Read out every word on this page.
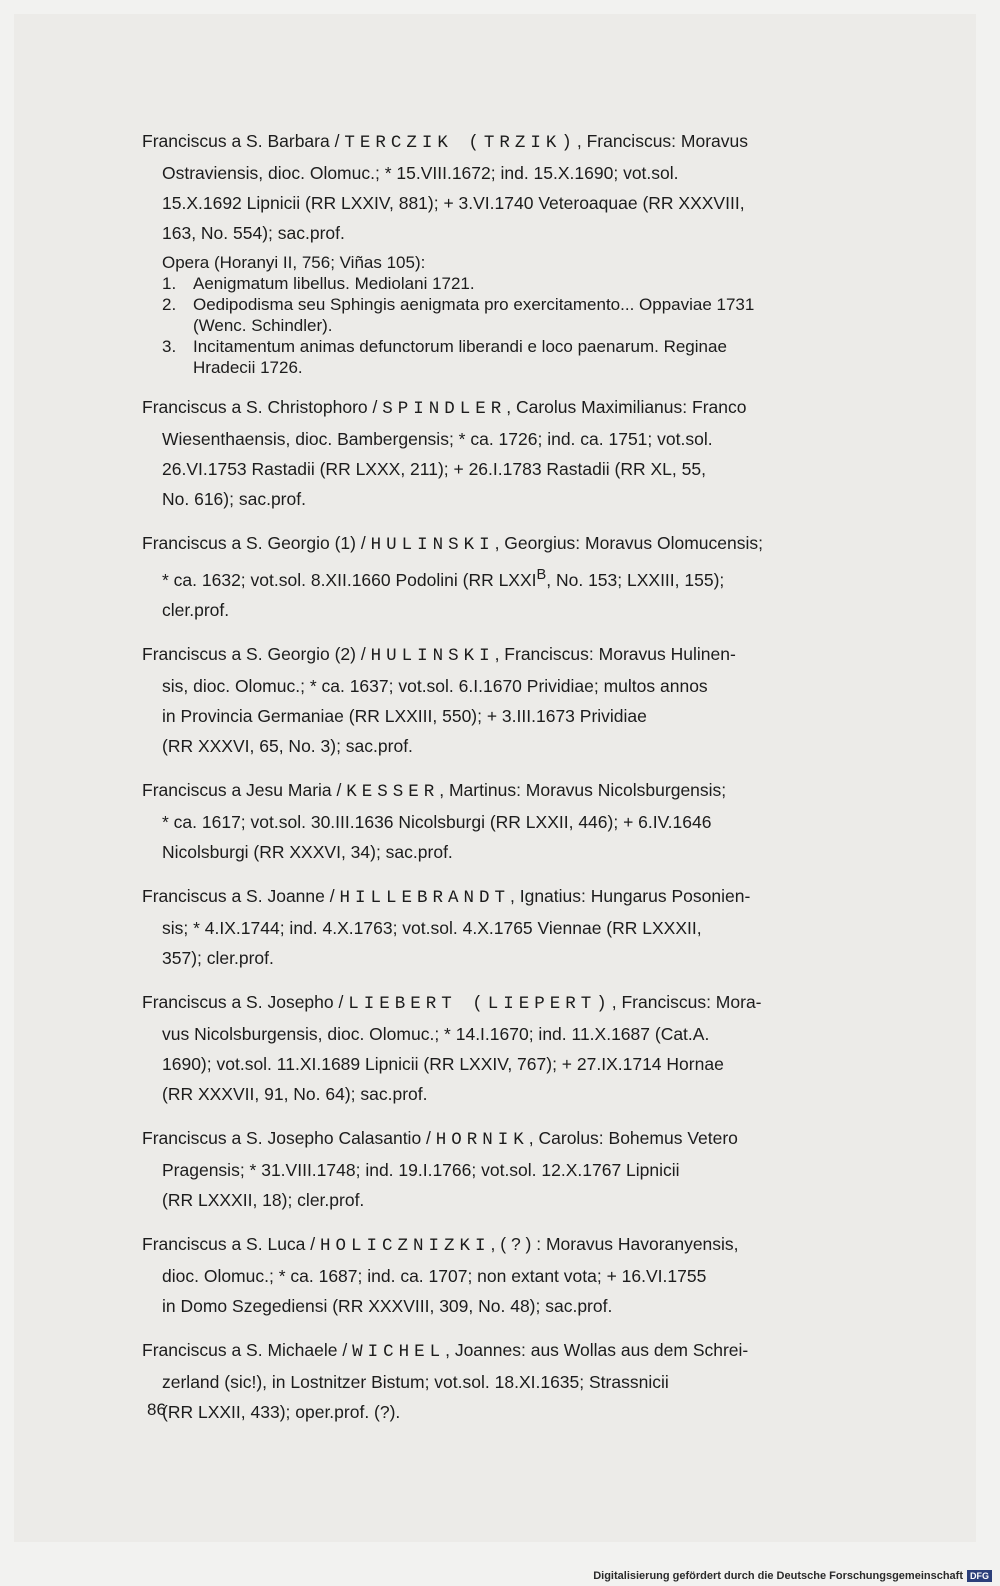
Franciscus a S. Barbara / TERCZIK (TRZIK), Franciscus: Moravus
Ostraviensis, dioc. Olomuc.; * 15.VIII.1672; ind. 15.X.1690; vot.sol.
15.X.1692 Lipnicii (RR LXXIV, 881); + 3.VI.1740 Veteroaquae (RR XXXVIII,
163, No. 554); sac.prof.
Opera (Horanyi II, 756; Viñas 105):
1. Aenigmatum libellus. Mediolani 1721.
2. Oedipodisma seu Sphingis aenigmata pro exercitamento... Oppaviae 1731
(Wenc. Schindler).
3. Incitamentum animas defunctorum liberandi e loco paenarum. Reginae
Hradecii 1726.
Franciscus a S. Christophoro / SPINDLER, Carolus Maximilianus: Franco
Wiesenthaensis, dioc. Bambergensis; * ca. 1726; ind. ca. 1751; vot.sol.
26.VI.1753 Rastadii (RR LXXX, 211); + 26.I.1783 Rastadii (RR XL, 55,
No. 616); sac.prof.
Franciscus a S. Georgio (1) / HULINSKI, Georgius: Moravus Olomucensis;
* ca. 1632; vot.sol. 8.XII.1660 Podolini (RR $LXXI^B$, No. 153; LXXIII, 155);
cler.prof.
Franciscus a S. Georgio (2) / HULINSKI, Franciscus: Moravus Hulinen-
sis, dioc. Olomuc.; * ca. 1637; vot.sol. 6.I.1670 Prividiae; multos annos
in Provincia Germaniae (RR LXXIII, 550); + 3.III.1673 Prividiae
(RR XXXVI, 65, No. 3); sac.prof.
Franciscus a Jesu Maria / KESSER, Martinus: Moravus Nicolsburgensis;
* ca. 1617; vot.sol. 30.III.1636 Nicolsburgi (RR LXXII, 446); + 6.IV.1646
Nicolsburgi (RR XXXVI, 34); sac.prof.
Franciscus a S. Joanne / HILLEBRANDT, Ignatius: Hungarus Posonien-
sis; * 4.IX.1744; ind. 4.X.1763; vot.sol. 4.X.1765 Viennae (RR LXXXII,
357); cler.prof.
Franciscus a S. Josepho / LIEBERT (LIEPERT), Franciscus: Mora-
vus Nicolsburgensis, dioc. Olomuc.; * 14.I.1670; ind. 11.X.1687 (Cat.A.
1690); vot.sol. 11.XI.1689 Lipnicii (RR LXXIV, 767); + 27.IX.1714 Hornae
(RR XXXVII, 91, No. 64); sac.prof.
Franciscus a S. Josepho Calasantio / HORNIK, Carolus: Bohemus Vetero
Pragensis; * 31.VIII.1748; ind. 19.I.1766; vot.sol. 12.X.1767 Lipnicii
(RR LXXXII, 18); cler.prof.
Franciscus a S. Luca / HOLICZNIZKI, ( ? ) : Moravus Havoranyensis,
dioc. Olomuc.; * ca. 1687; ind. ca. 1707; non extant vota; + 16.VI.1755
in Domo Szegediensi (RR XXXVIII, 309, No. 48); sac.prof.
Franciscus a S. Michaele / WICHEL, Joannes: aus Wollas aus dem Schrei-
zerland (sic!), in Lostnitzer Bistum; vot.sol. 18.XI.1635; Strassnicii
(RR LXXII, 433); oper.prof. (?).
86
Digitalisierung gefördert durch die Deutsche Forschungsgemeinschaft DFG
